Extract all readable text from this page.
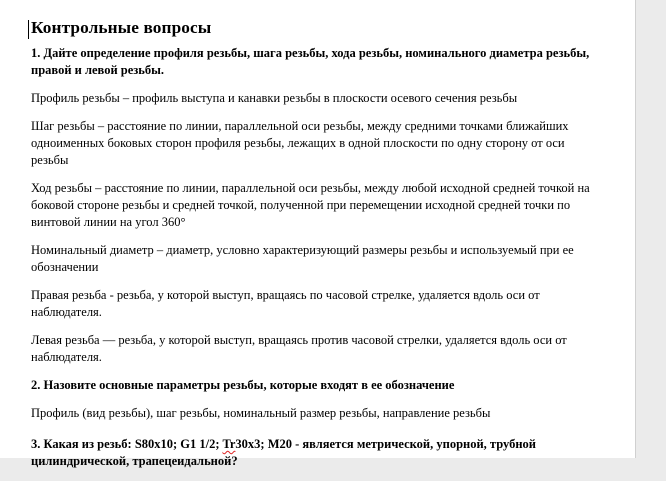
Контрольные вопросы
1. Дайте определение профиля резьбы, шага резьбы, хода резьбы, номинального диаметра резьбы, правой и левой резьбы.
Профиль резьбы – профиль выступа и канавки резьбы в плоскости осевого сечения резьбы
Шаг резьбы – расстояние по линии, параллельной оси резьбы, между средними точками ближайших одноименных боковых сторон профиля резьбы, лежащих в одной плоскости по одну сторону от оси резьбы
Ход резьбы – расстояние по линии, параллельной оси резьбы, между любой исходной средней точкой на боковой стороне резьбы и средней точкой, полученной при перемещении исходной средней точки по винтовой линии на угол 360°
Номинальный диаметр – диаметр, условно характеризующий размеры резьбы и используемый при ее обозначении
Правая резьба - резьба, у которой выступ, вращаясь по часовой стрелке, удаляется вдоль оси от наблюдателя.
Левая резьба — резьба, у которой выступ, вращаясь против часовой стрелки, удаляется вдоль оси от наблюдателя.
2. Назовите основные параметры резьбы, которые входят в ее обозначение
Профиль (вид резьбы), шаг резьбы, номинальный размер резьбы, направление резьбы
3. Какая из резьб: S80x10; G1 1/2; Tr30x3; М20 - является метрической, упорной, трубной
цилиндрической, трапецеидальной?
